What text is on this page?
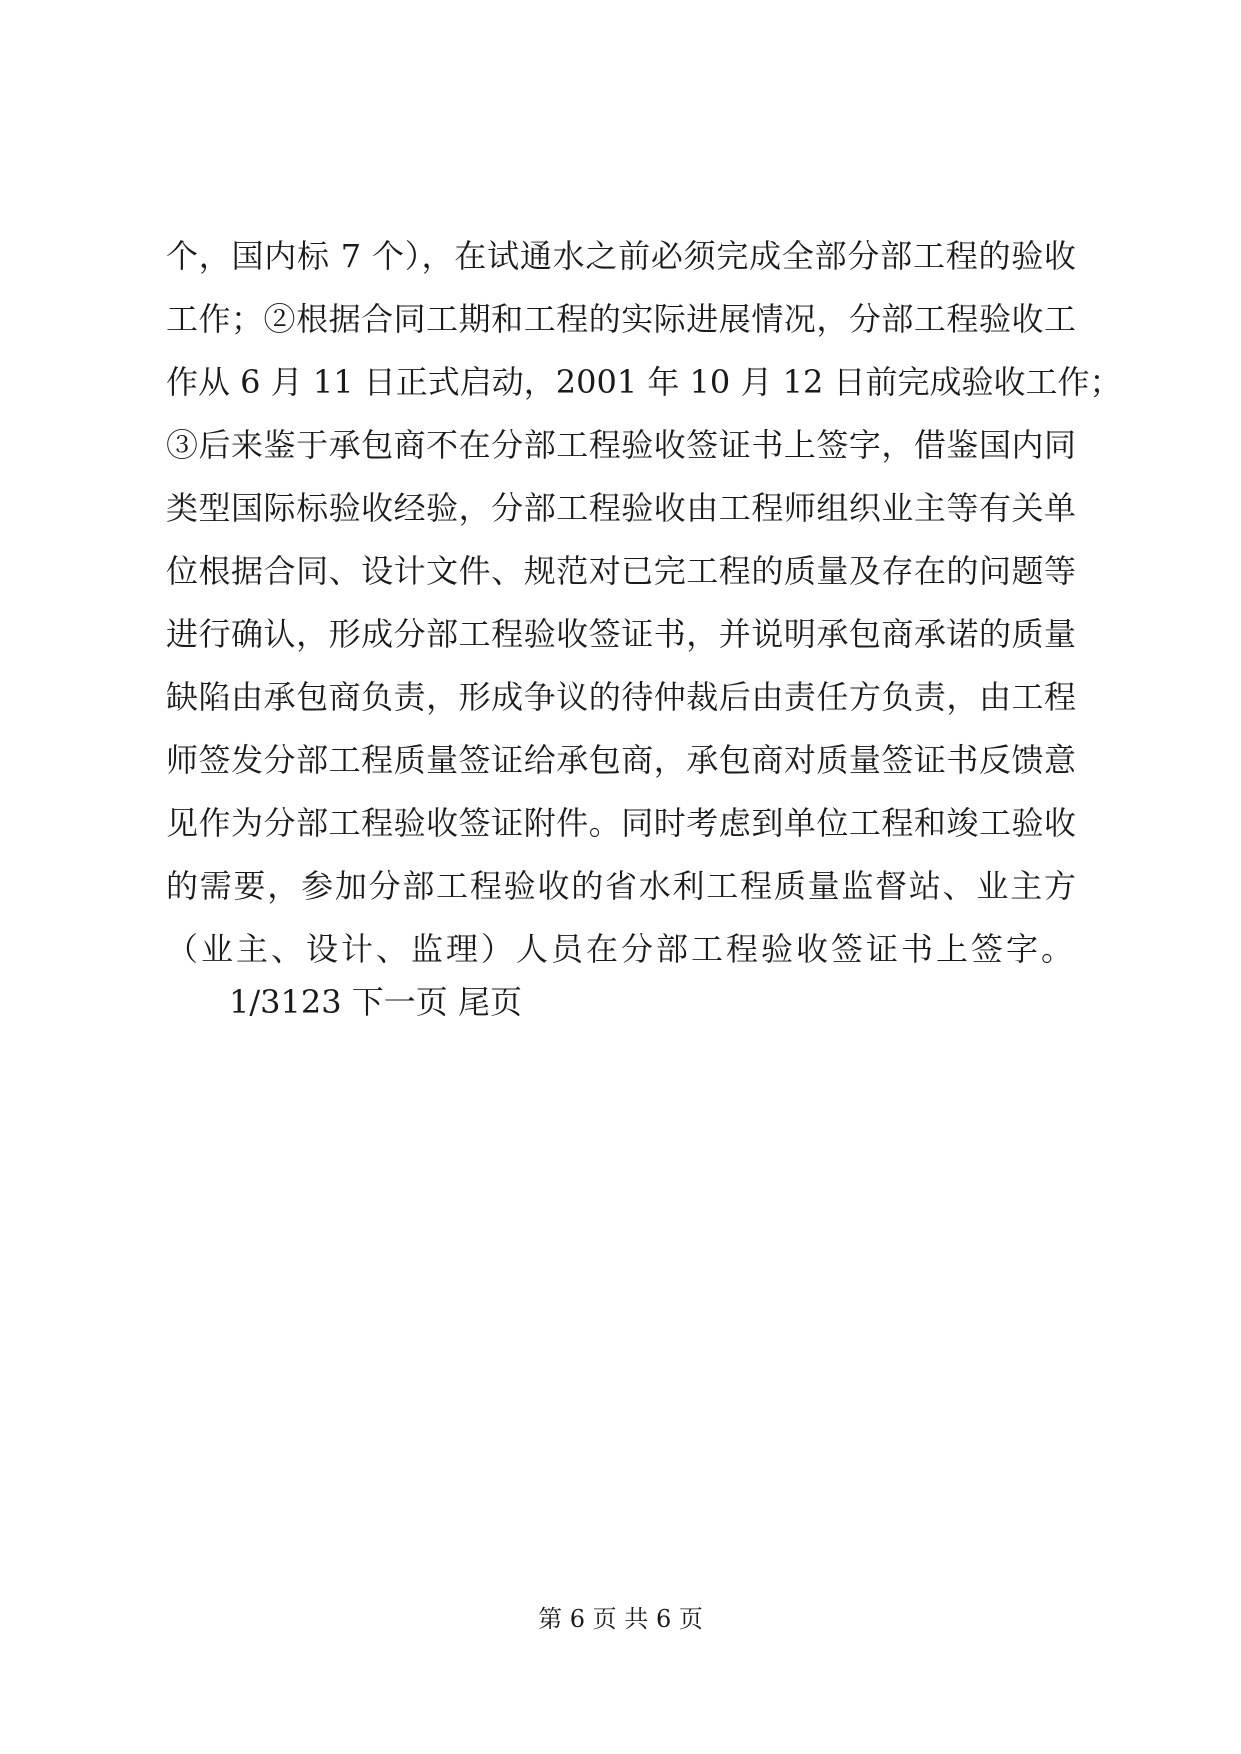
个，国内标 7 个），在试通水之前必须完成全部分部工程的验收
工作；②根据合同工期和工程的实际进展情况，分部工程验收工
作从 6 月 11 日正式启动，2001 年 10 月 12 日前完成验收工作；
③后来鉴于承包商不在分部工程验收签证书上签字，借鉴国内同
类型国际标验收经验，分部工程验收由工程师组织业主等有关单
位根据合同、设计文件、规范对已完工程的质量及存在的问题等
进行确认，形成分部工程验收签证书，并说明承包商承诺的质量
缺陷由承包商负责，形成争议的待仲裁后由责任方负责，由工程
师签发分部工程质量签证给承包商，承包商对质量签证书反馈意
见作为分部工程验收签证附件。同时考虑到单位工程和竣工验收
的需要，参加分部工程验收的省水利工程质量监督站、业主方
（业主、设计、监理）人员在分部工程验收签证书上签字。
1/3123 下一页 尾页
第 6 页 共 6 页
